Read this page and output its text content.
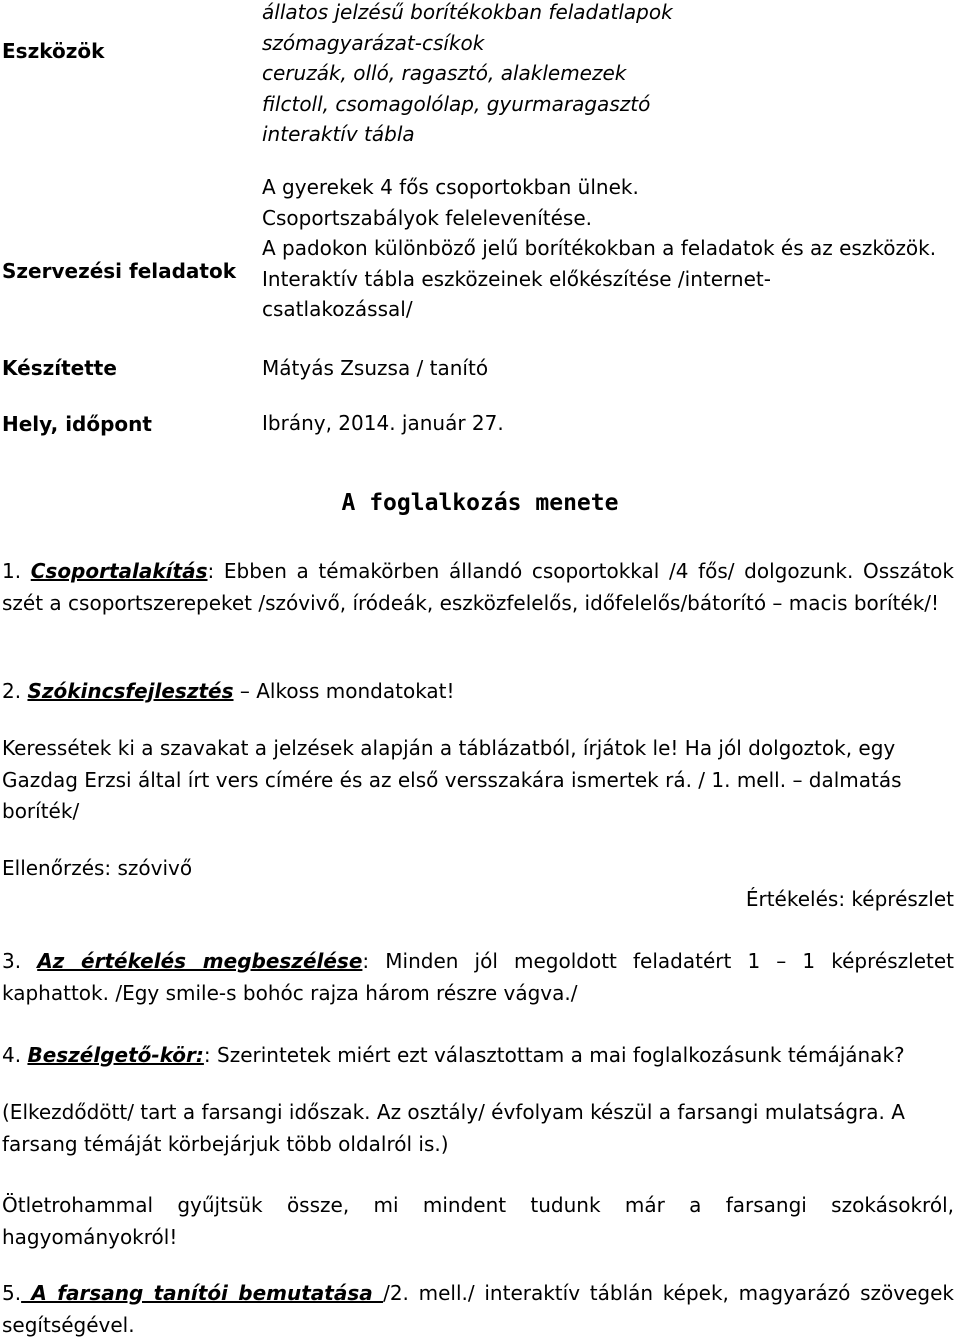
Eszközök
állatos jelzésű borítékokban feladatlapok
szómagyarázat-csíkok
ceruzák, olló, ragasztó, alaklemezek
filctoll, csomagolólap, gyurmaragasztó
interaktív tábla
Szervezési feladatok
A gyerekek 4 fős csoportokban ülnek.
Csoportszabályok felelevenítése.
A padokon különböző jelű borítékokban a feladatok és az eszközök.
Interaktív tábla eszközeinek előkészítése /internet-
csatlakozással/
Készítette	Mátyás Zsuzsa / tanító
Hely, időpont	Ibrány, 2014. január 27.
A foglalkozás menete
1. Csoportalakítás: Ebben a témakörben állandó csoportokkal /4 fős/ dolgozunk. Osszátok szét a csoportszerepeket /szóvivő, íródeák, eszközfelelős, időfelelős/bátorító – macis boríték/!
2. Szókincsfejlesztés – Alkoss mondatokat!
Keressétek ki a szavakat a jelzések alapján a táblázatból, írjátok le! Ha jól dolgoztok, egy Gazdag Erzsi által írt vers címére és az első versszakára ismertek rá. / 1. mell. – dalmatás boríték/
Ellenőrzés: szóvivő
Értékelés: képrészlet
3. Az értékelés megbeszélése: Minden jól megoldott feladatért 1 – 1 képrészletet kaphattok. /Egy smile-s bohóc rajza három részre vágva./
4. Beszélgető-kör:: Szerintetek miért ezt választottam a mai foglalkozásunk témájának?
(Elkezdődött/ tart a farsangi időszak. Az osztály/ évfolyam készül a farsangi mulatságra. A farsang témáját körbejárjuk több oldalról is.)
Ötletrohammal gyűjtsük össze, mi mindent tudunk már a farsangi szokásokról, hagyományokról!
5. A farsang tanítói bemutatása /2. mell./ interaktív táblán képek, magyarázó szövegek segítségével.
